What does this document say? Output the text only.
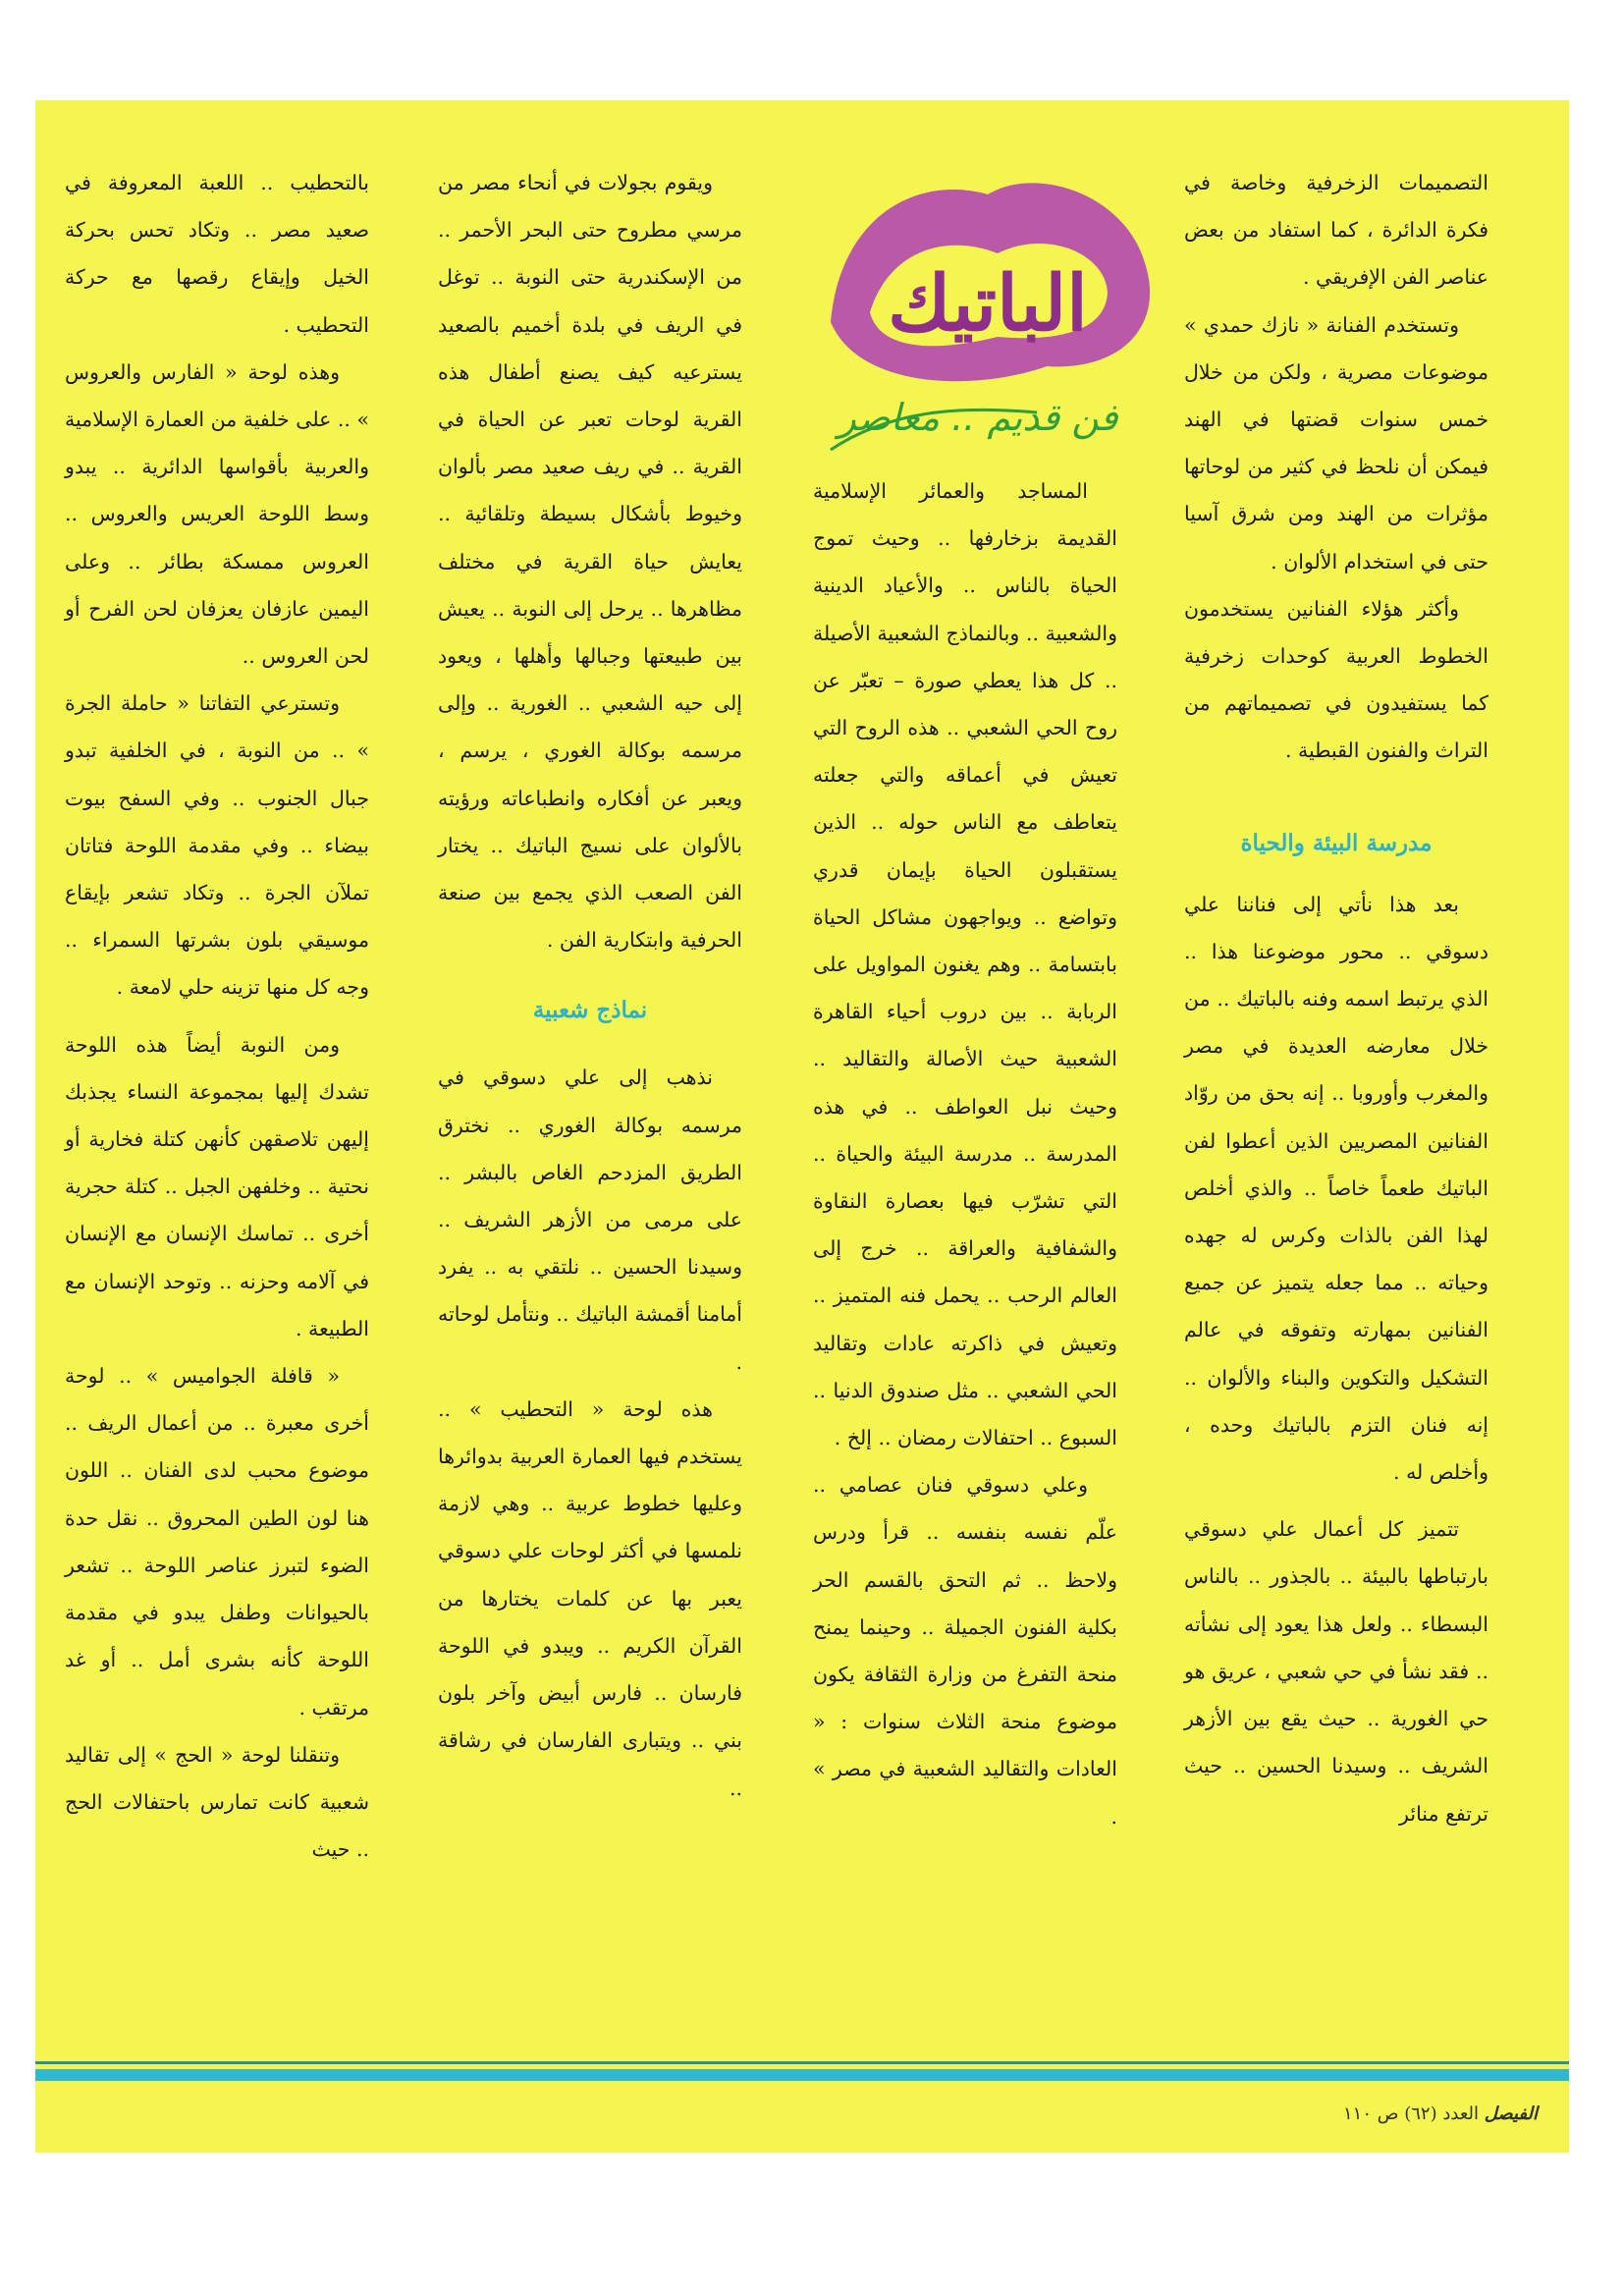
الباتيك
فن قديم .. معاصر

التصميمات الزخرفية وخاصة في فكرة الدائرة ، كما استفاد من بعض عناصر الفن الإفريقي .

وتستخدم الفنانة « نازك حمدي » موضوعات مصرية ، ولكن من خلال خمس سنوات قضتها في الهند فيمكن أن نلحظ في كثير من لوحاتها مؤثرات من الهند ومن شرق آسيا حتى في استخدام الألوان .

وأكثر هؤلاء الفنانين يستخدمون الخطوط العربية كوحدات زخرفية كما يستفيدون في تصميماتهم من التراث والفنون القبطية .

مدرسة البيئة والحياة

بعد هذا نأتي إلى فناننا علي دسوقي .. محور موضوعنا هذا .. الذي يرتبط اسمه وفنه بالباتيك .. من خلال معارضه العديدة في مصر والمغرب وأوروبا .. إنه بحق من روّاد الفنانين المصريين الذين أعطوا لفن الباتيك طعماً خاصاً .. والذي أخلص لهذا الفن بالذات وكرس له جهده وحياته .. مما جعله يتميز عن جميع الفنانين بمهارته وتفوقه في عالم التشكيل والتكوين والبناء والألوان .. إنه فنان التزم بالباتيك وحده ، وأخلص له .

تتميز كل أعمال علي دسوقي بارتباطها بالبيئة .. بالجذور .. بالناس البسطاء .. ولعل هذا يعود إلى نشأته .. فقد نشأ في حي شعبي ، عريق هو حي الغورية .. حيث يقع بين الأزهر الشريف .. وسيدنا الحسين .. حيث ترتفع منائر

المساجد والعمائر الإسلامية القديمة بزخارفها .. وحيث تموج الحياة بالناس .. والأعياد الدينية والشعبية .. وبالنماذج الشعبية الأصيلة .. كل هذا يعطي صورة – تعبّر عن روح الحي الشعبي .. هذه الروح التي تعيش في أعماقه والتي جعلته يتعاطف مع الناس حوله .. الذين يستقبلون الحياة بإيمان قدري وتواضع .. ويواجهون مشاكل الحياة بابتسامة .. وهم يغنون المواويل على الربابة .. بين دروب أحياء القاهرة الشعبية حيث الأصالة والتقاليد .. وحيث نبل العواطف .. في هذه المدرسة .. مدرسة البيئة والحياة .. التي تشرّب فيها بعصارة النقاوة والشفافية والعراقة .. خرج إلى العالم الرحب .. يحمل فنه المتميز .. وتعيش في ذاكرته عادات وتقاليد الحي الشعبي .. مثل صندوق الدنيا .. السبوع .. احتفالات رمضان .. إلخ .

وعلي دسوقي فنان عصامي .. علّم نفسه بنفسه .. قرأ ودرس ولاحظ .. ثم التحق بالقسم الحر بكلية الفنون الجميلة .. وحينما يمنح منحة التفرغ من وزارة الثقافة يكون موضوع منحة الثلاث سنوات : « العادات والتقاليد الشعبية في مصر » .

ويقوم بجولات في أنحاء مصر من مرسي مطروح حتى البحر الأحمر .. من الإسكندرية حتى النوبة .. توغل في الريف في بلدة أخميم بالصعيد يسترعيه كيف يصنع أطفال هذه القرية لوحات تعبر عن الحياة في القرية .. في ريف صعيد مصر بألوان وخيوط بأشكال بسيطة وتلقائية .. يعايش حياة القرية في مختلف مظاهرها .. يرحل إلى النوبة .. يعيش بين طبيعتها وجبالها وأهلها ، ويعود إلى حيه الشعبي .. الغورية .. وإلى مرسمه بوكالة الغوري ، يرسم ، ويعبر عن أفكاره وانطباعاته ورؤيته بالألوان على نسيج الباتيك .. يختار الفن الصعب الذي يجمع بين صنعة الحرفية وابتكارية الفن .

نماذج شعبية

نذهب إلى علي دسوقي في مرسمه بوكالة الغوري .. نخترق الطريق المزدحم الغاص بالبشر .. على مرمى من الأزهر الشريف .. وسيدنا الحسين .. نلتقي به .. يفرد أمامنا أقمشة الباتيك .. ونتأمل لوحاته .

هذه لوحة « التحطيب » .. يستخدم فيها العمارة العربية بدوائرها وعليها خطوط عربية .. وهي لازمة نلمسها في أكثر لوحات علي دسوقي يعبر بها عن كلمات يختارها من القرآن الكريم .. ويبدو في اللوحة فارسان .. فارس أبيض وآخر بلون بني .. ويتبارى الفارسان في رشاقة ..

بالتحطيب .. اللعبة المعروفة في صعيد مصر .. وتكاد تحس بحركة الخيل وإيقاع رقصها مع حركة التحطيب .

وهذه لوحة « الفارس والعروس » .. على خلفية من العمارة الإسلامية والعربية بأقواسها الدائرية .. يبدو وسط اللوحة العريس والعروس .. العروس ممسكة بطائر .. وعلى اليمين عازفان يعزفان لحن الفرح أو لحن العروس ..

وتسترعي التفاتنا « حاملة الجرة » .. من النوبة ، في الخلفية تبدو جبال الجنوب .. وفي السفح بيوت بيضاء .. وفي مقدمة اللوحة فتاتان تملآن الجرة .. وتكاد تشعر بإيقاع موسيقي بلون بشرتها السمراء .. وجه كل منها تزينه حلي لامعة .

ومن النوبة أيضاً هذه اللوحة تشدك إليها بمجموعة النساء يجذبك إليهن تلاصقهن كأنهن كتلة فخارية أو نحتية .. وخلفهن الجبل .. كتلة حجرية أخرى .. تماسك الإنسان مع الإنسان في آلامه وحزنه .. وتوحد الإنسان مع الطبيعة .

« قافلة الجواميس » .. لوحة أخرى معبرة .. من أعمال الريف .. موضوع محبب لدى الفنان .. اللون هنا لون الطين المحروق .. نقل حدة الضوء لتبرز عناصر اللوحة .. تشعر بالحيوانات وطفل يبدو في مقدمة اللوحة كأنه بشرى أمل .. أو غد مرتقب .

وتنقلنا لوحة « الحج » إلى تقاليد شعبية كانت تمارس باحتفالات الحج .. حيث

الفيصل العدد (٦٢) ص ١١٠
